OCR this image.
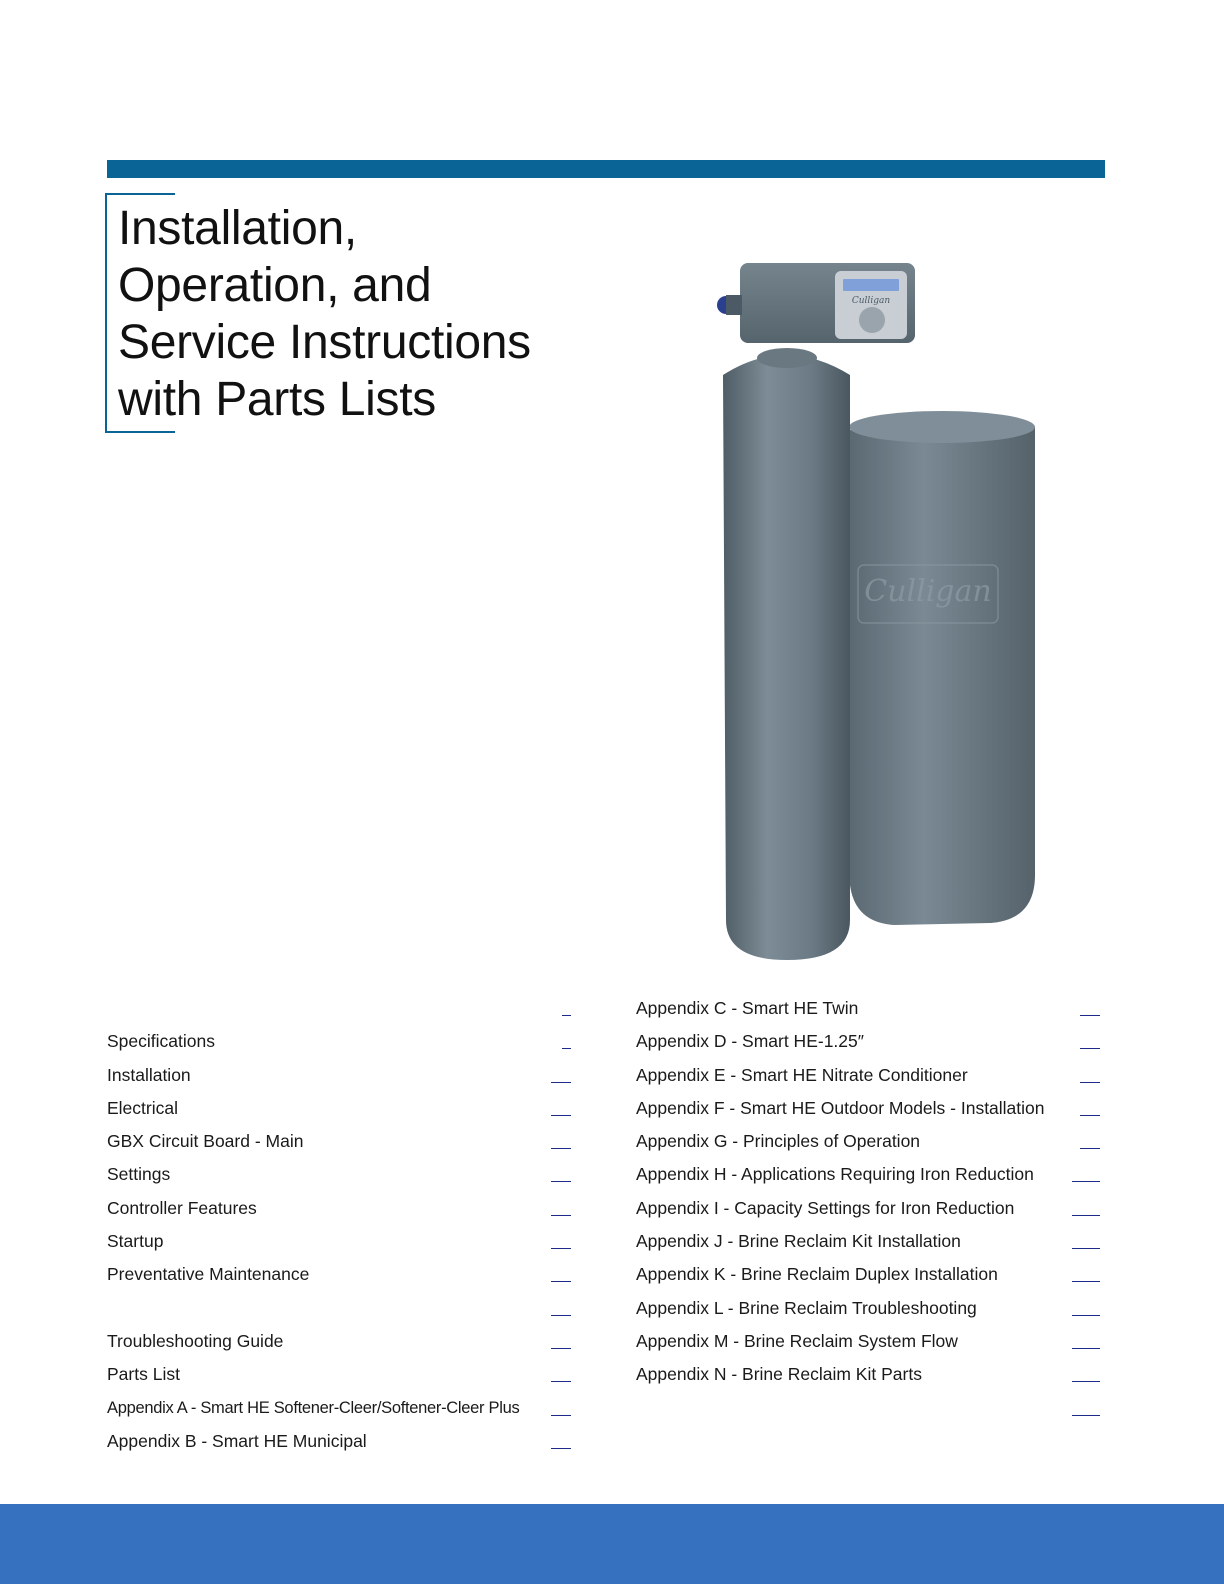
Installation,
Operation, and
Service Instructions
with Parts Lists
Culligan
Culligan
Specifications
Installation
Electrical
GBX Circuit Board - Main
Settings
Controller Features
Startup
Preventative Maintenance
Troubleshooting Guide
Parts List
Appendix A - Smart HE Softener-Cleer/Softener-Cleer Plus
Appendix B - Smart HE Municipal
Appendix C - Smart HE Twin
Appendix D - Smart HE-1.25″
Appendix E - Smart HE Nitrate Conditioner
Appendix F - Smart HE Outdoor Models - Installation
Appendix G - Principles of Operation
Appendix H - Applications Requiring Iron Reduction
Appendix I - Capacity Settings for Iron Reduction
Appendix J - Brine Reclaim Kit Installation
Appendix K - Brine Reclaim Duplex Installation
Appendix L - Brine Reclaim Troubleshooting
Appendix M - Brine Reclaim System Flow
Appendix N - Brine Reclaim Kit Parts
